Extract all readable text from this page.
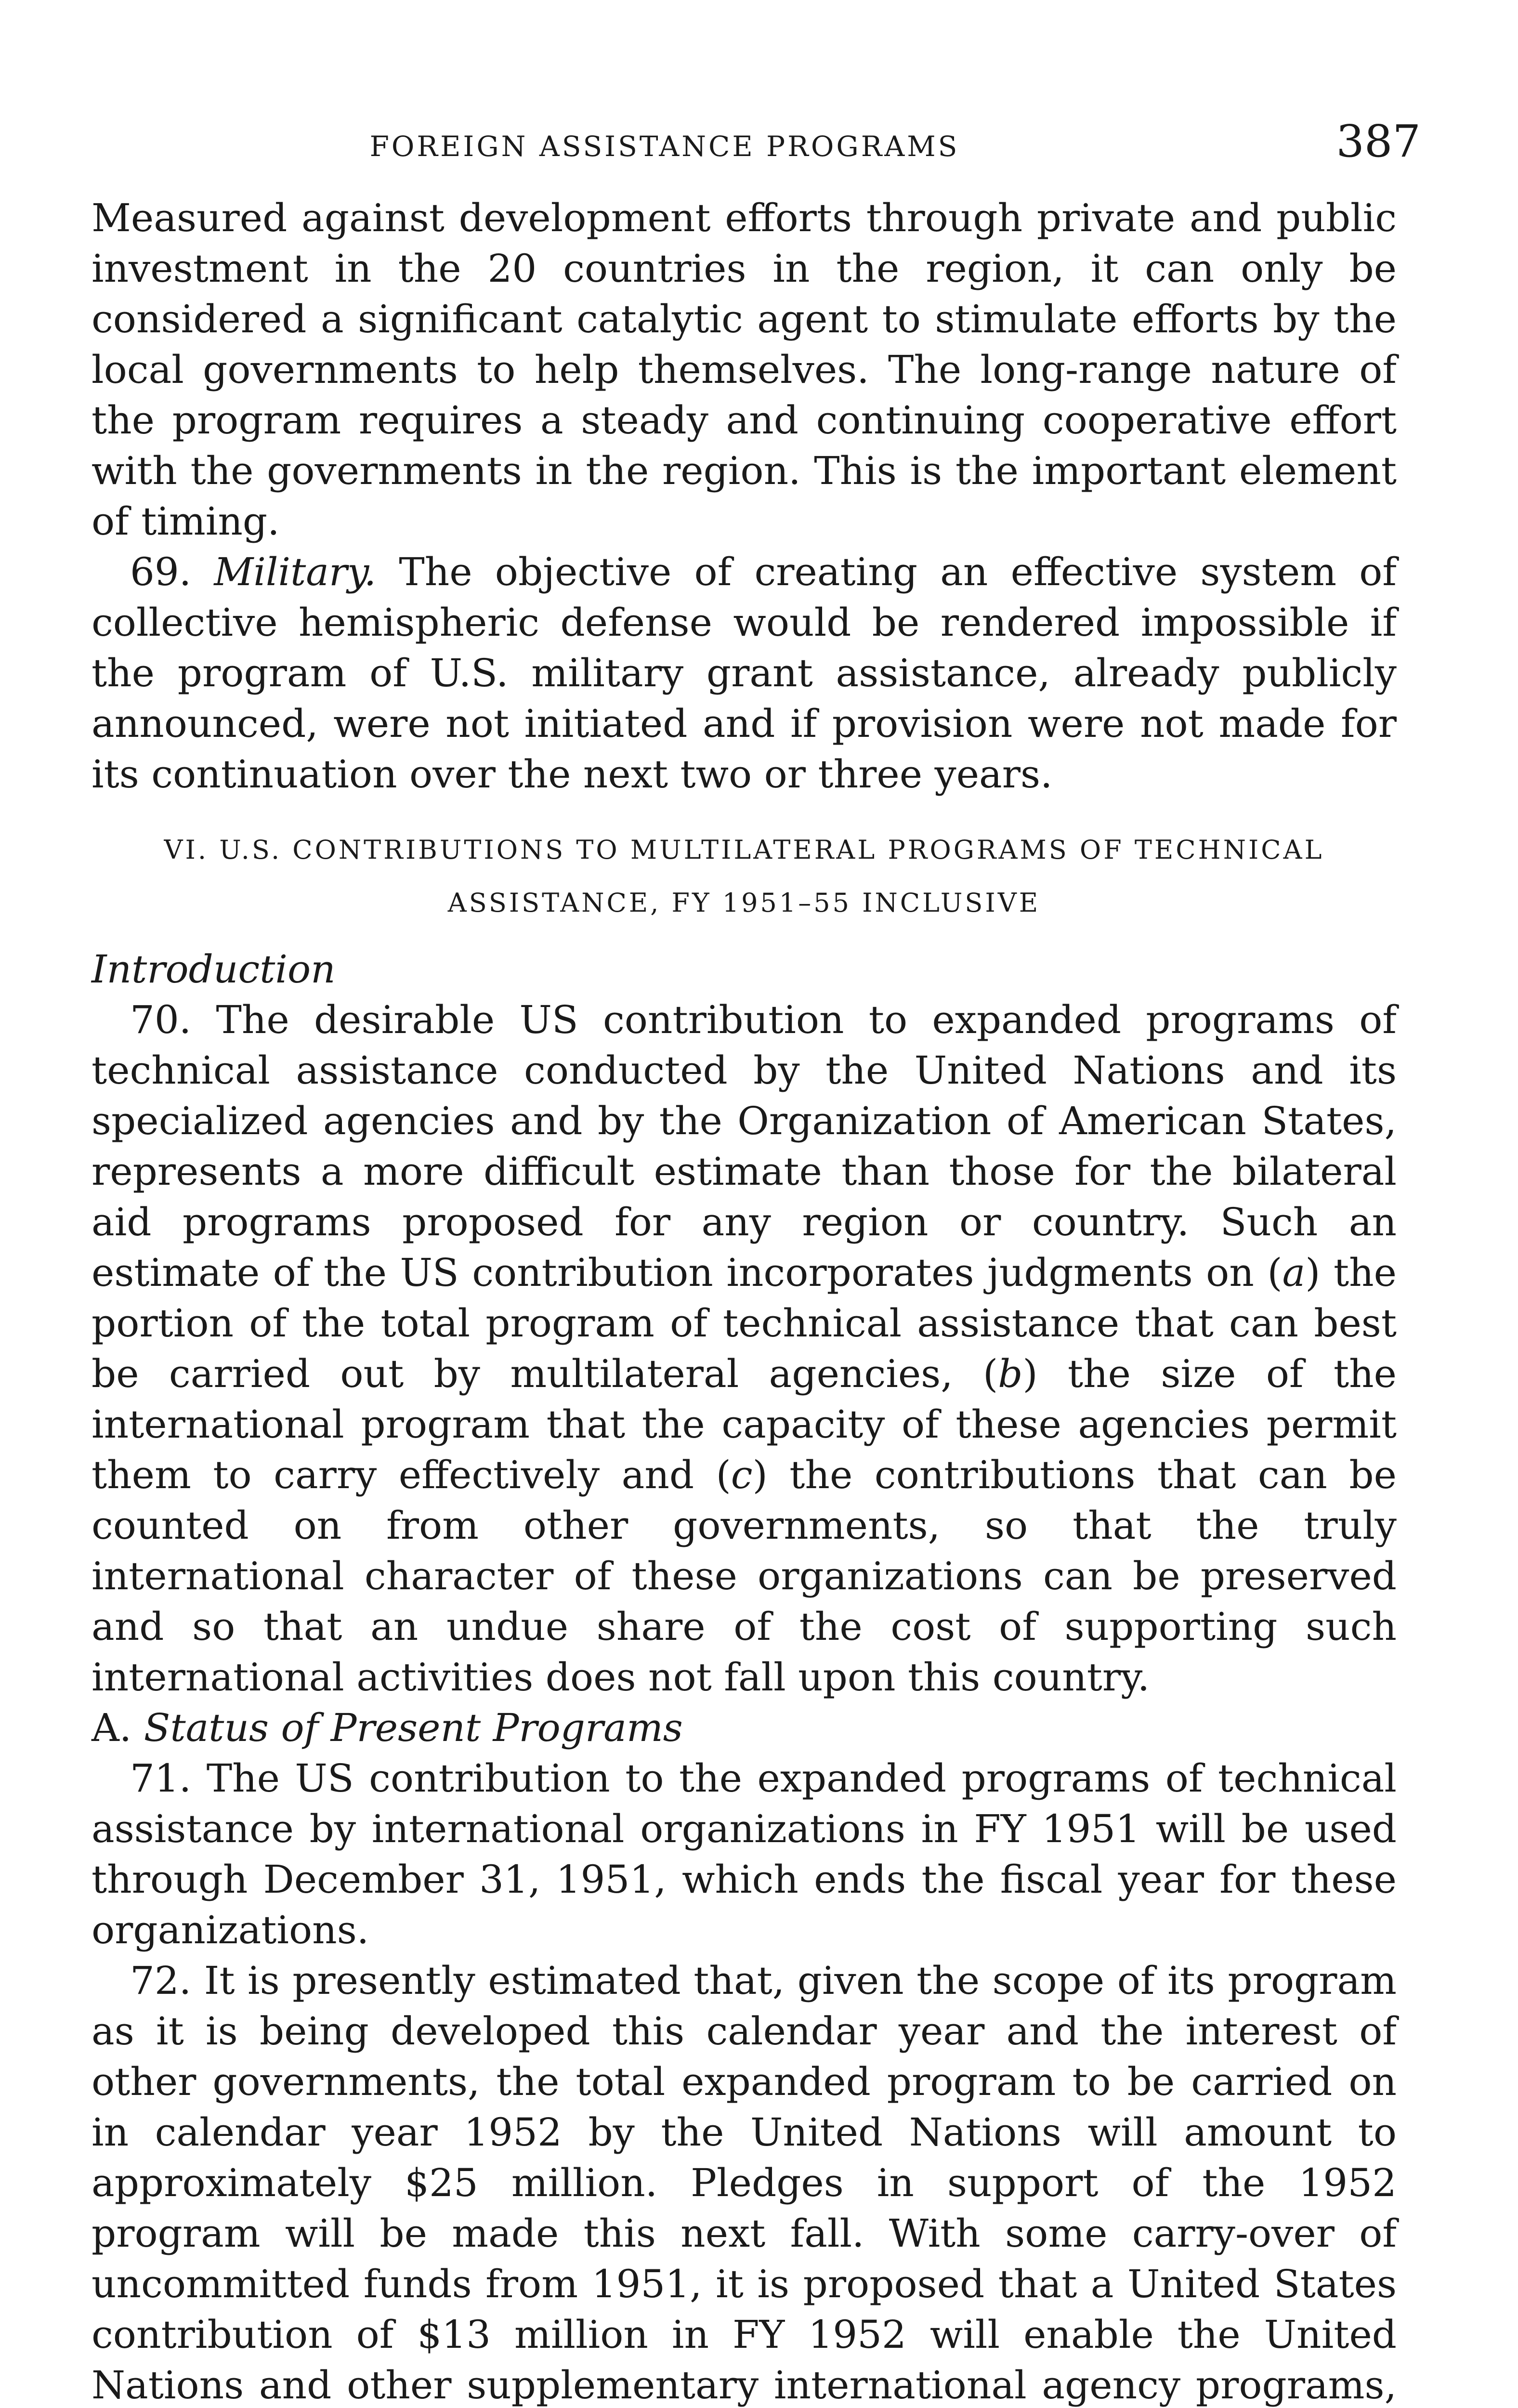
FOREIGN ASSISTANCE PROGRAMS	387

Measured against development efforts through private and public investment in the 20 countries in the region, it can only be considered a significant catalytic agent to stimulate efforts by the local governments to help themselves. The long-range nature of the program requires a steady and continuing cooperative effort with the governments in the region. This is the important element of timing.

69. Military. The objective of creating an effective system of collective hemispheric defense would be rendered impossible if the program of U.S. military grant assistance, already publicly announced, were not initiated and if provision were not made for its continuation over the next two or three years.

VI. U.S. CONTRIBUTIONS TO MULTILATERAL PROGRAMS OF TECHNICAL
ASSISTANCE, FY 1951–55 INCLUSIVE

Introduction

70. The desirable US contribution to expanded programs of technical assistance conducted by the United Nations and its specialized agencies and by the Organization of American States, represents a more difficult estimate than those for the bilateral aid programs proposed for any region or country. Such an estimate of the US contribution incorporates judgments on (a) the portion of the total program of technical assistance that can best be carried out by multilateral agencies, (b) the size of the international program that the capacity of these agencies permit them to carry effectively and (c) the contributions that can be counted on from other governments, so that the truly international character of these organizations can be preserved and so that an undue share of the cost of supporting such international activities does not fall upon this country.

A. Status of Present Programs

71. The US contribution to the expanded programs of technical assistance by international organizations in FY 1951 will be used through December 31, 1951, which ends the fiscal year for these organizations.

72. It is presently estimated that, given the scope of its program as it is being developed this calendar year and the interest of other governments, the total expanded program to be carried on in calendar year 1952 by the United Nations will amount to approximately $25 million. Pledges in support of the 1952 program will be made this next fall. With some carry-over of uncommitted funds from 1951, it is proposed that a United States contribution of $13 million in FY 1952 will enable the United Nations and other supplementary international agency programs,
